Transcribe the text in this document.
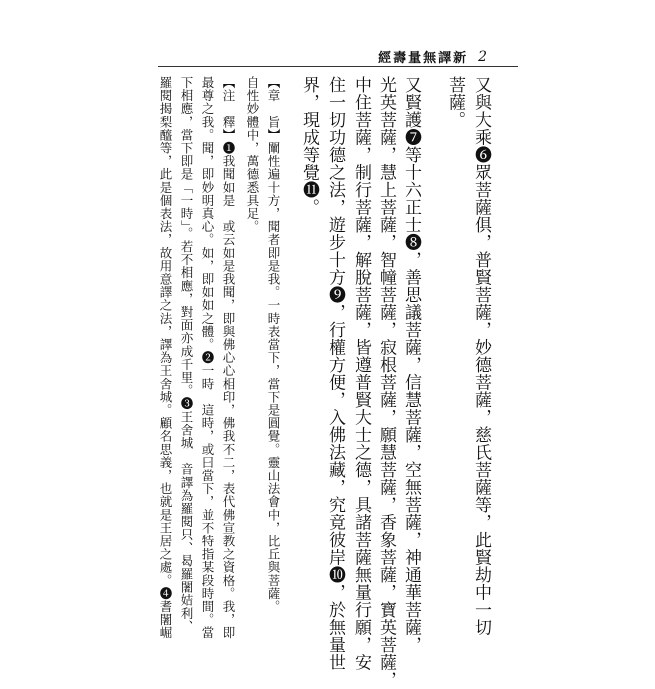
經壽量無譯新 2
又與大乘❻眾菩薩俱，普賢菩薩，妙德菩薩，慈氏菩薩等，此賢劫中一切
菩薩。
又賢護❼等十六正士❽，善思議菩薩，信慧菩薩，空無菩薩，神通華菩薩，
光英菩薩，慧上菩薩，智幢菩薩，寂根菩薩，願慧菩薩，香象菩薩，寶英菩薩，
中住菩薩，制行菩薩，解脫菩薩，皆遵普賢大士之德，具諸菩薩無量行願，安
住一切功德之法，遊步十方❾，行權方便，入佛法藏，究竟彼岸❿，於無量世
界，現成等覺⓫。
【章　旨】闡性遍十方，聞者即是我。一時表當下，當下是圓覺。靈山法會中，比丘與菩薩。
自性妙體中，萬德悉具足。
【注　釋】❶我聞如是　或云如是我聞，即與佛心心相印，佛我不二，表代佛宣教之資格。我，即
最尊之我。聞，即妙明真心。如，即如如之體。❷一時　這時，或曰當下，並不特指某段時間。當
下相應，當下即是「一時」。若不相應，對面亦成千里。❸王舍城　音譯為羅閱只、曷羅闍姞利、
羅閱揭梨醯等，此是個表法，故用意譯之法，譯為王舍城。顧名思義，也就是王居之處。❹耆闍崛
